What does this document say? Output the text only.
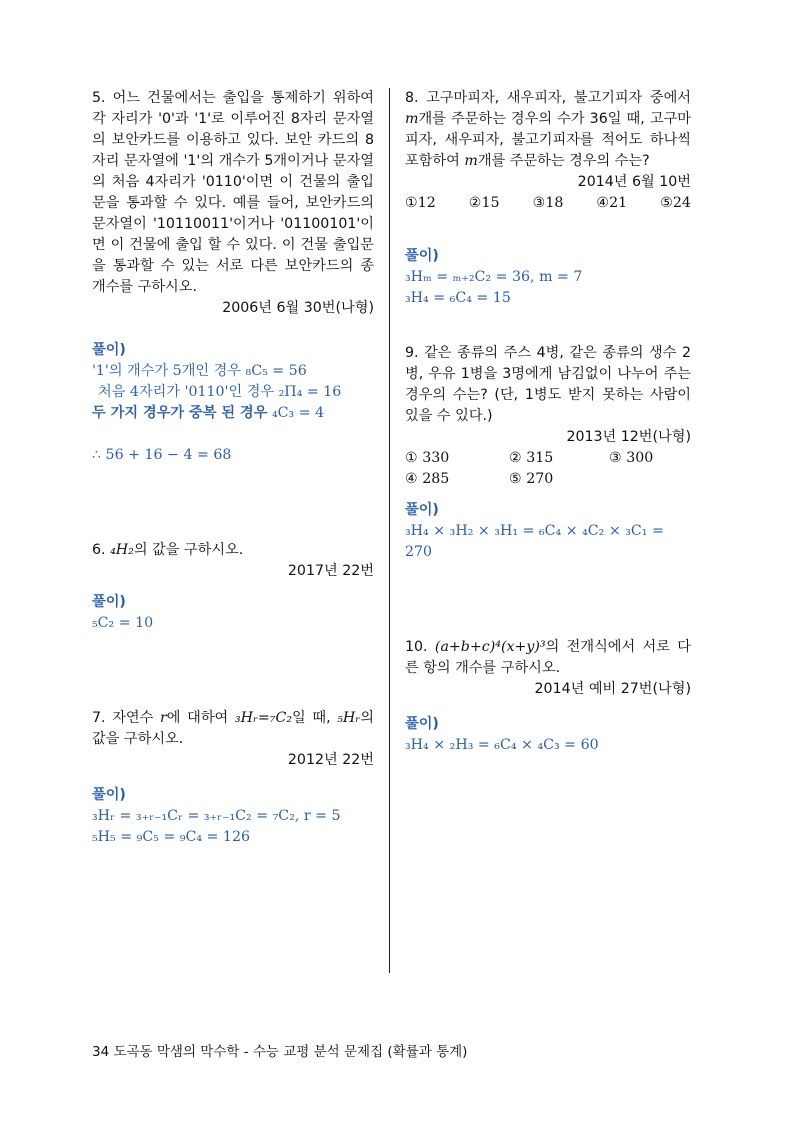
5. 어느 건물에서는 출입을 통제하기 위하여 각 자리가 '0'과 '1'로 이루어진 8자리 문자열의 보안카드를 이용하고 있다. 보안 카드의 8자리 문자열에 '1'의 개수가 5개이거나 문자열의 처음 4자리가 '0110'이면 이 건물의 출입문을 통과할 수 있다. 예를 들어, 보안카드의 문자열이 '10110011'이거나 '01100101'이면 이 건물에 출입 할 수 있다. 이 건물 출입문을 통과할 수 있는 서로 다른 보안카드의 종 개수를 구하시오.

2006년 6월 30번(나형)

풀이)

'1'의 개수가 5개인 경우 ₈C₅ = 56

처음 4자리가 '0110'인 경우 ₂Π₄ = 16

두 가지 경우가 중복 된 경우 ₄C₃ = 4

∴ 56 + 16 − 4 = 68

6. ₄H₂의 값을 구하시오.

2017년 22번

풀이)

₅C₂ = 10

7. 자연수 r에 대하여 ₃Hᵣ=₇C₂일 때, ₅Hᵣ의 값을 구하시오.

2012년 22번

풀이)

₃Hᵣ = ₃₊ᵣ₋₁Cᵣ = ₃₊ᵣ₋₁C₂ = ₇C₂, r = 5

₅H₅ = ₉C₅ = ₉C₄ = 126

8. 고구마피자, 새우피자, 불고기피자 중에서 m개를 주문하는 경우의 수가 36일 때, 고구마피자, 새우피자, 불고기피자를 적어도 하나씩 포함하여 m개를 주문하는 경우의 수는?

2014년 6월 10번

①12 ②15 ③18 ④21 ⑤24

풀이)

₃Hₘ = ₘ₊₂C₂ = 36, m = 7

₃H₄ = ₆C₄ = 15

9. 같은 종류의 주스 4병, 같은 종류의 생수 2병, 우유 1병을 3명에게 남김없이 나누어 주는 경우의 수는? (단, 1병도 받지 못하는 사람이 있을 수 있다.)

2013년 12번(나형)

① 330	② 315	③ 300
④ 285	⑤ 270

풀이)

₃H₄ × ₃H₂ × ₃H₁ = ₆C₄ × ₄C₂ × ₃C₁ = 270

10. (a+b+c)⁴(x+y)³의 전개식에서 서로 다른 항의 개수를 구하시오.

2014년 예비 27번(나형)

풀이)

₃H₄ × ₂H₃ = ₆C₄ × ₄C₃ = 60

34 도곡동 막샘의 막수학 - 수능 교평 분석 문제집 (확률과 통계)
